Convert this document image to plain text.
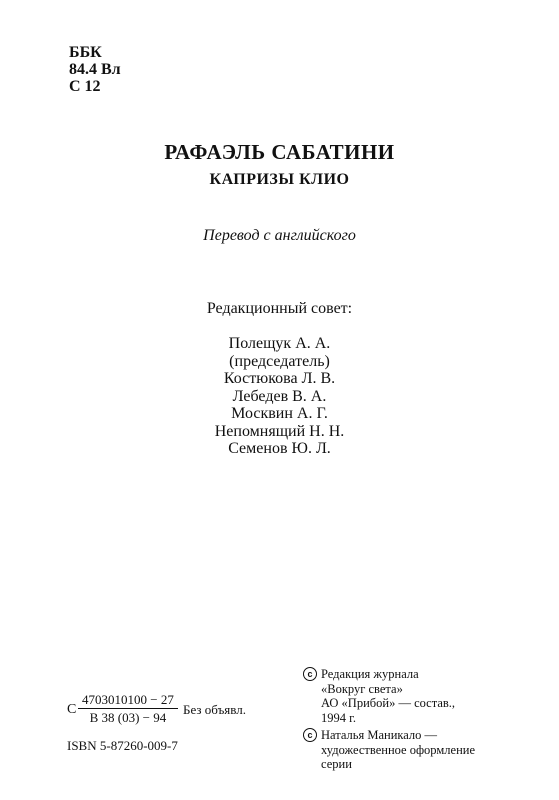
ББК
84.4 Вл
С 12
РАФАЭЛЬ САБАТИНИ
КАПРИЗЫ КЛИО
Перевод с английского
Редакционный совет:
Полещук А. А.
(председатель)
Костюкова Л. В.
Лебедев В. А.
Москвин А. Г.
Непомнящий Н. Н.
Семенов Ю. Л.
С
4703010100 − 27
В 38 (03) − 94
Без объявл.
ISBN 5-87260-009-7
c Редакция журнала
«Вокруг света»
АО «Прибой» — состав.,
1994 г.
c Наталья Маникало —
художественное оформление
серии
